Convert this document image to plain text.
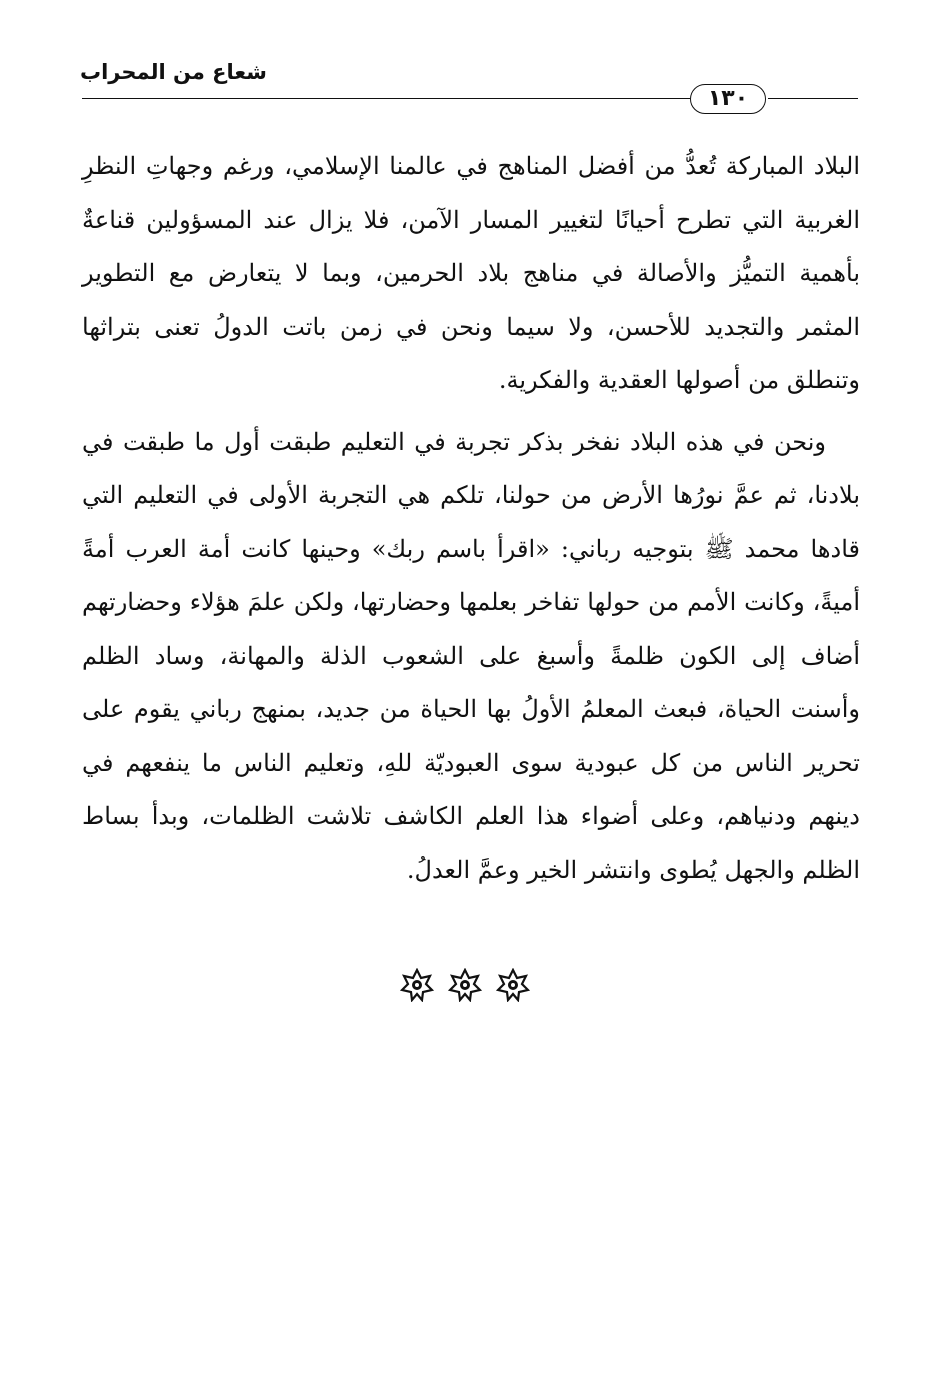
شعاع من المحراب
١٣٠

البلاد المباركة تُعدُّ من أفضل المناهج في عالمنا الإسلامي، ورغم وجهاتِ النظرِ الغربية التي تطرح أحيانًا لتغيير المسار الآمن، فلا يزال عند المسؤولين قناعةٌ بأهمية التميُّز والأصالة في مناهج بلاد الحرمين، وبما لا يتعارض مع التطوير المثمر والتجديد للأحسن، ولا سيما ونحن في زمن باتت الدولُ تعنى بتراثها وتنطلق من أصولها العقدية والفكرية.

ونحن في هذه البلاد نفخر بذكر تجربة في التعليم طبقت أول ما طبقت في بلادنا، ثم عمَّ نورُها الأرض من حولنا، تلكم هي التجربة الأولى في التعليم التي قادها محمد ﷺ بتوجيه رباني: «اقرأ باسم ربك» وحينها كانت أمة العرب أمةً أميةً، وكانت الأمم من حولها تفاخر بعلمها وحضارتها، ولكن علمَ هؤلاء وحضارتهم أضاف إلى الكون ظلمةً وأسبغ على الشعوب الذلة والمهانة، وساد الظلم وأسنت الحياة، فبعث المعلمُ الأولُ بها الحياة من جديد، بمنهج رباني يقوم على تحرير الناس من كل عبودية سوى العبوديّة للهِ، وتعليم الناس ما ينفعهم في دينهم ودنياهم، وعلى أضواء هذا العلم الكاشف تلاشت الظلمات، وبدأ بساط الظلم والجهل يُطوى وانتشر الخير وعمَّ العدلُ.
